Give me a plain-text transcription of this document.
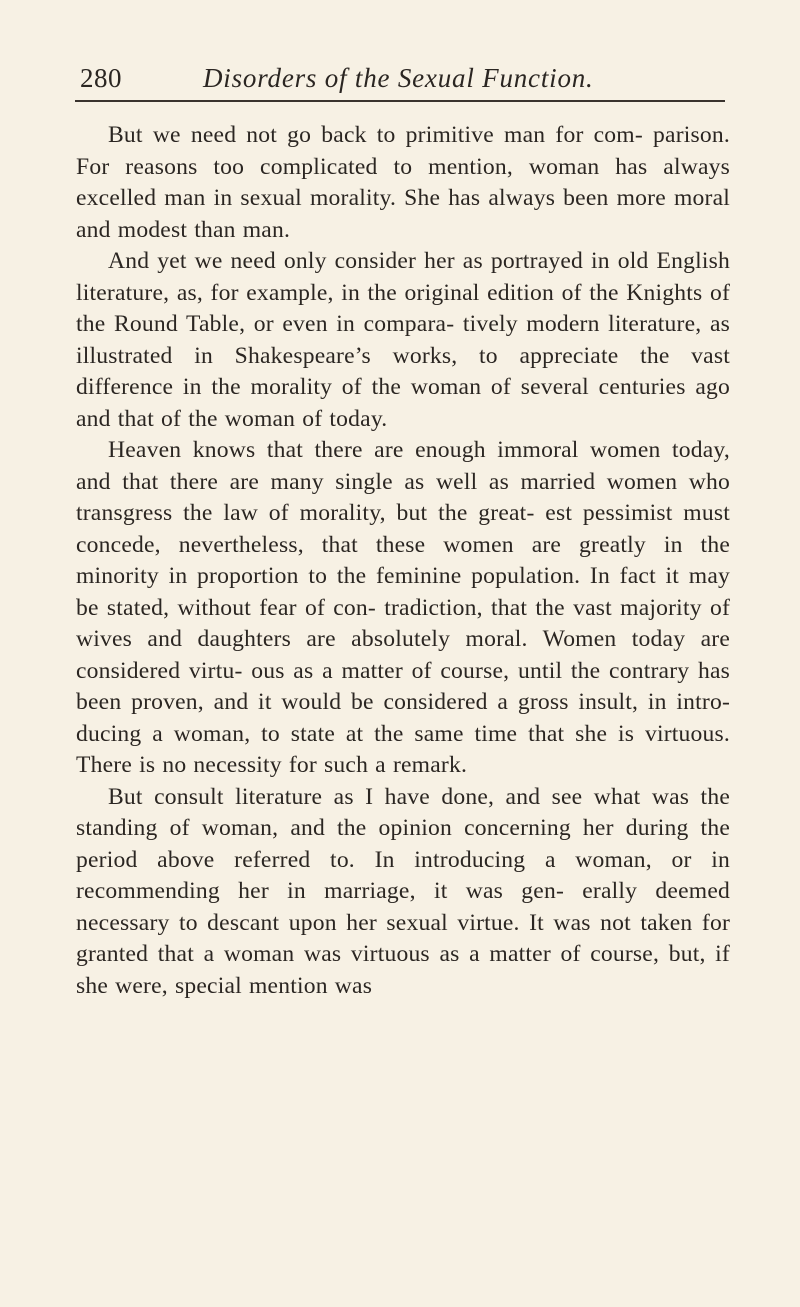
280	Disorders of the Sexual Function.

But we need not go back to primitive man for com- parison. For reasons too complicated to mention, woman has always excelled man in sexual morality. She has always been more moral and modest than man.

And yet we need only consider her as portrayed in old English literature, as, for example, in the original edition of the Knights of the Round Table, or even in compara- tively modern literature, as illustrated in Shakespeare’s works, to appreciate the vast difference in the morality of the woman of several centuries ago and that of the woman of today.

Heaven knows that there are enough immoral women today, and that there are many single as well as married women who transgress the law of morality, but the great- est pessimist must concede, nevertheless, that these women are greatly in the minority in proportion to the feminine population. In fact it may be stated, without fear of con- tradiction, that the vast majority of wives and daughters are absolutely moral. Women today are considered virtu- ous as a matter of course, until the contrary has been proven, and it would be considered a gross insult, in intro- ducing a woman, to state at the same time that she is virtuous. There is no necessity for such a remark.

But consult literature as I have done, and see what was the standing of woman, and the opinion concerning her during the period above referred to. In introducing a woman, or in recommending her in marriage, it was gen- erally deemed necessary to descant upon her sexual virtue. It was not taken for granted that a woman was virtuous as a matter of course, but, if she were, special mention was
